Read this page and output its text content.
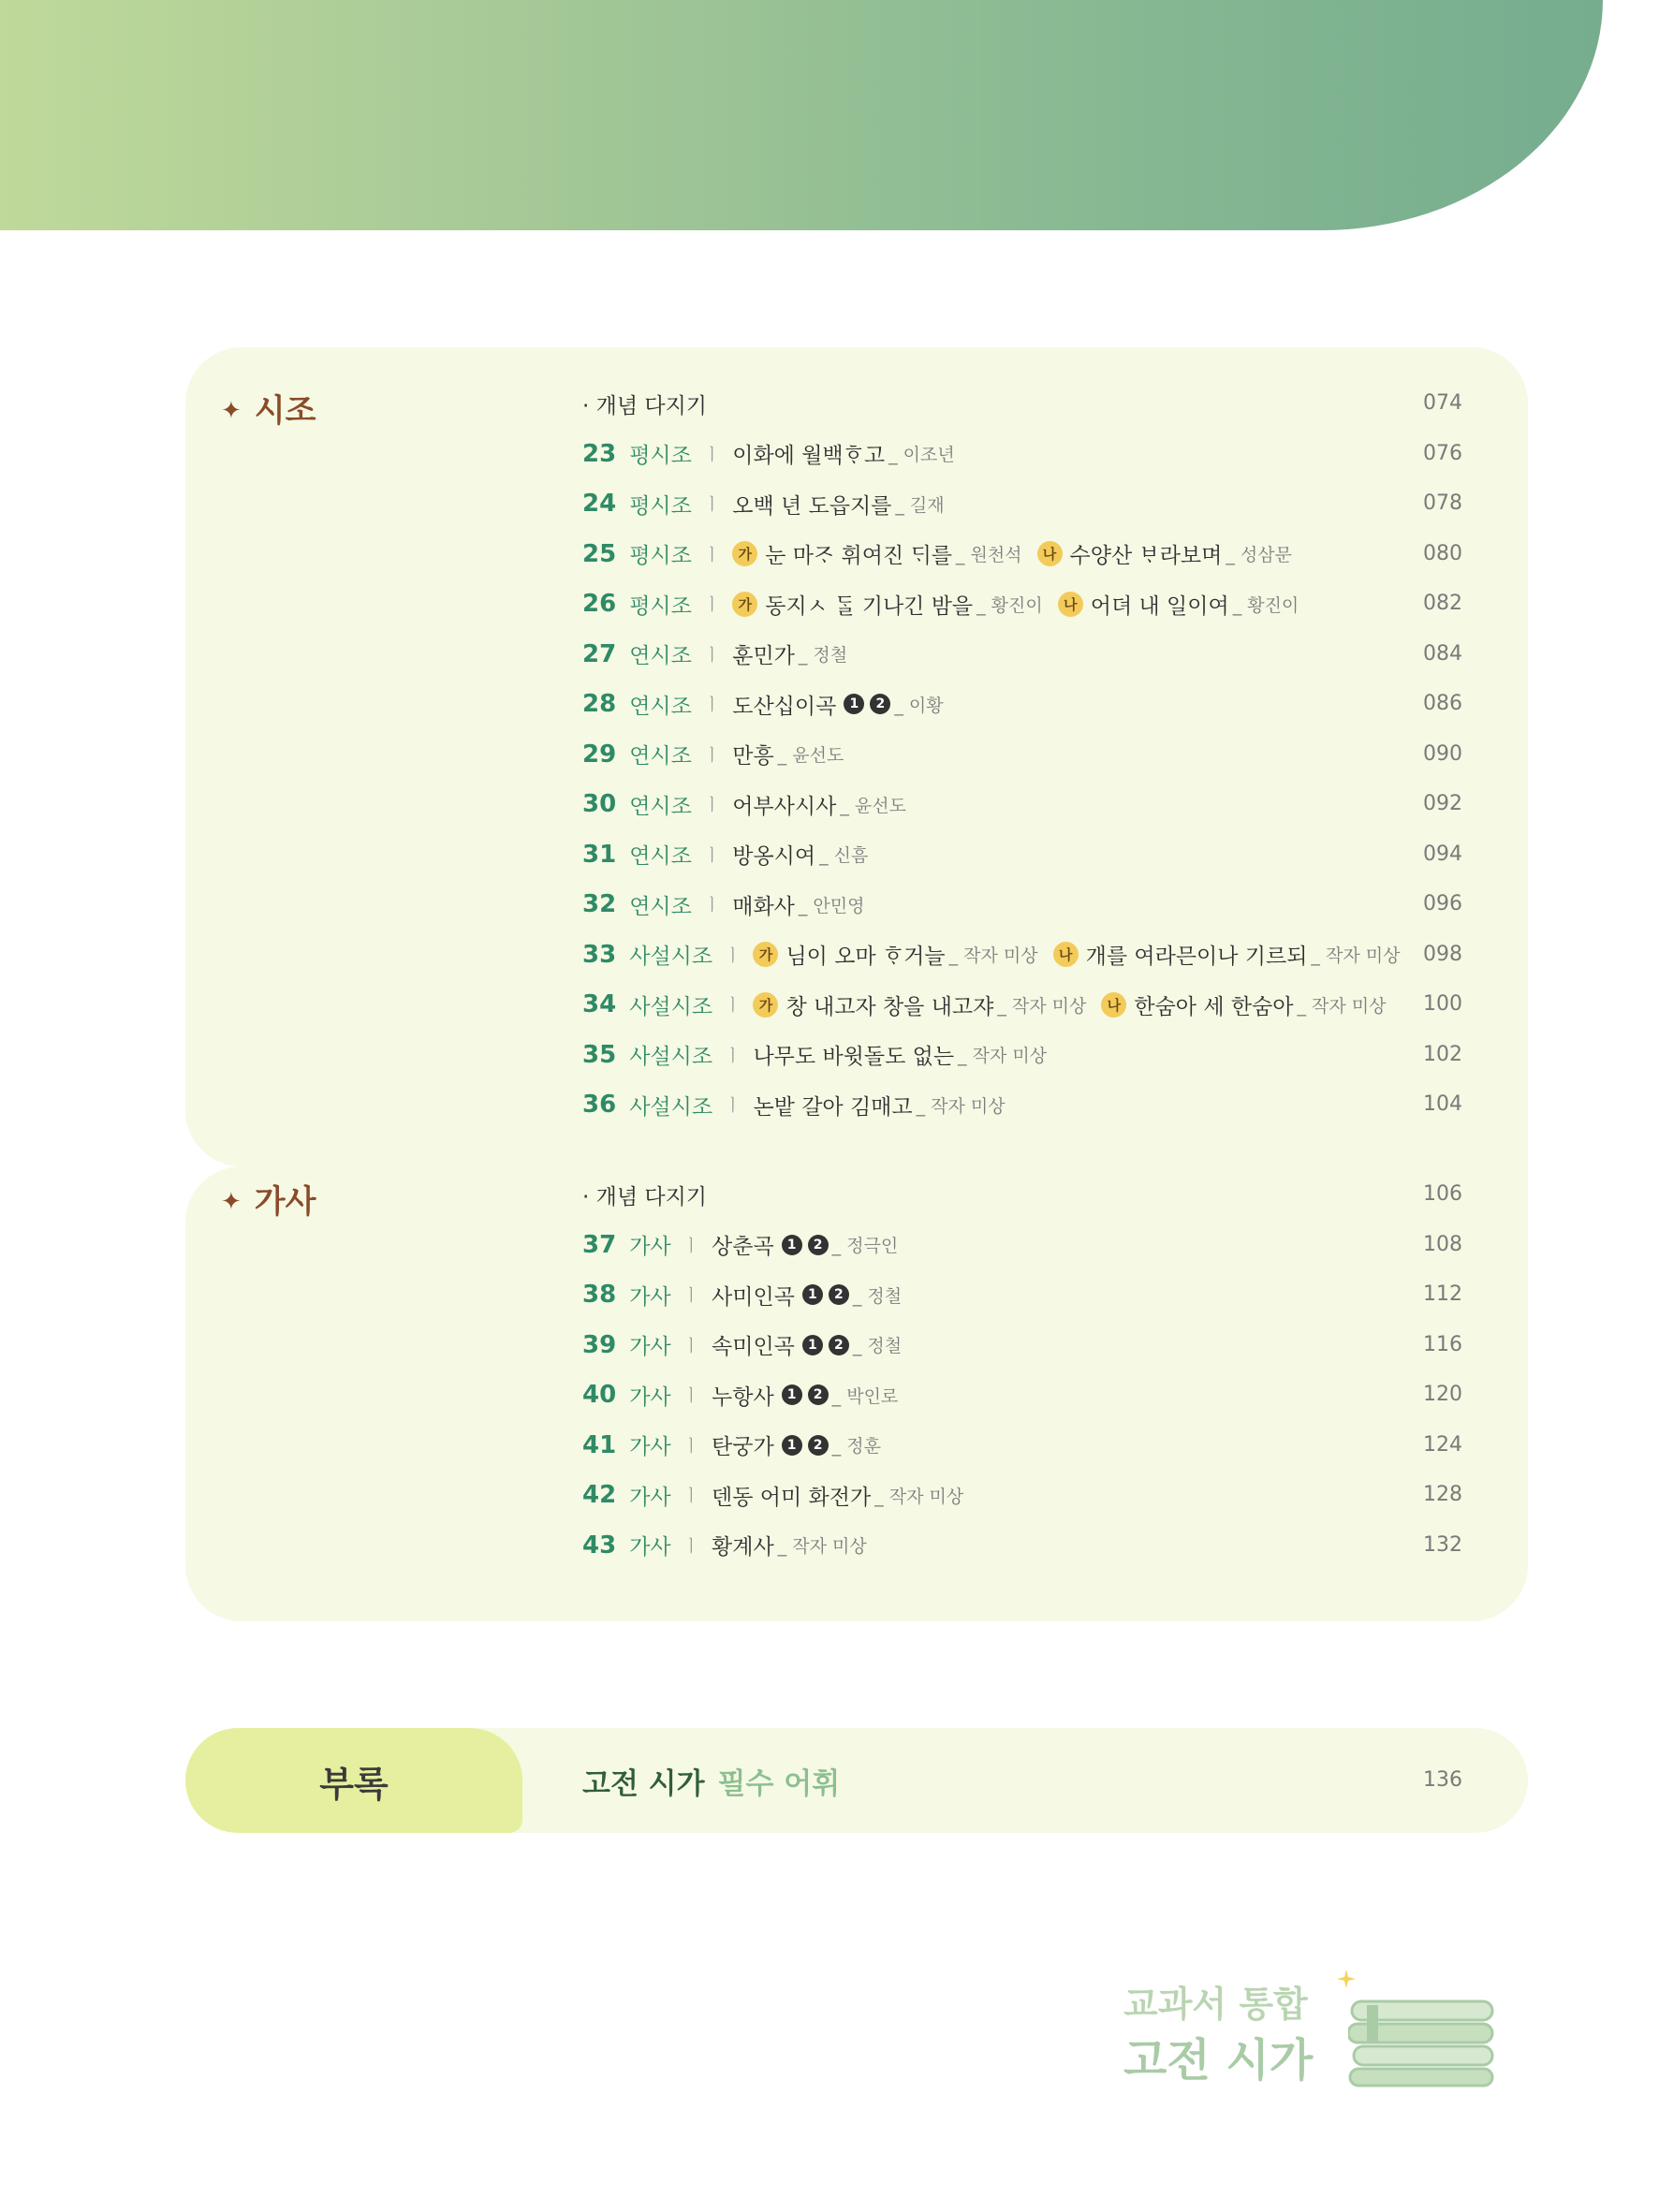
✦ 시조
✦ 가사
· 개념 다지기	074
23 평시조 ㅣ 이화에 월백ᄒᆞ고 _ 이조년	076
24 평시조 ㅣ 오백 년 도읍지를 _ 길재	078
25 평시조 ㅣ	가 눈 마ᄌᆞ 휘여진 ᄃᆡ를 _ 원천석	나 수양산 ᄇᆞ라보며 _ 성삼문	080
26 평시조 ㅣ	가 동지ㅅ ᄃᆞᆯ 기나긴 밤을 _ 황진이	나 어뎌 내 일이여 _ 황진이	082
27 연시조 ㅣ 훈민가 _ 정철	084
28 연시조 ㅣ 도산십이곡	1	2 _ 이황	086
29 연시조 ㅣ 만흥 _ 윤선도	090
30 연시조 ㅣ 어부사시사 _ 윤선도	092
31 연시조 ㅣ 방옹시여 _ 신흠	094
32 연시조 ㅣ 매화사 _ 안민영	096
33 사설시조 ㅣ	가 님이 오마 ᄒᆞ거늘 _ 작자 미상	나 개를 여라믄이나 기르되 _ 작자 미상 098
34 사설시조 ㅣ	가 창 내고자 창을 내고쟈 _ 작자 미상	나 한숨아 세 한숨아 _ 작자 미상 100
35 사설시조 ㅣ 나무도 바윗돌도 없는 _ 작자 미상	102
36 사설시조 ㅣ 논밭 갈아 김매고 _ 작자 미상	104
· 개념 다지기	106
37 가사 ㅣ 상춘곡	1	2 _ 정극인	108
38 가사 ㅣ 사미인곡	1	2 _ 정철	112
39 가사 ㅣ 속미인곡	1	2 _ 정철	116
40 가사 ㅣ 누항사	1	2 _ 박인로	120
41 가사 ㅣ 탄궁가	1	2 _ 정훈	124
42 가사 ㅣ 덴동 어미 화전가 _ 작자 미상	128
43 가사 ㅣ 황계사 _ 작자 미상	132
부록	고전 시가 필수 어휘	136
교과서 통합
고전 시가
